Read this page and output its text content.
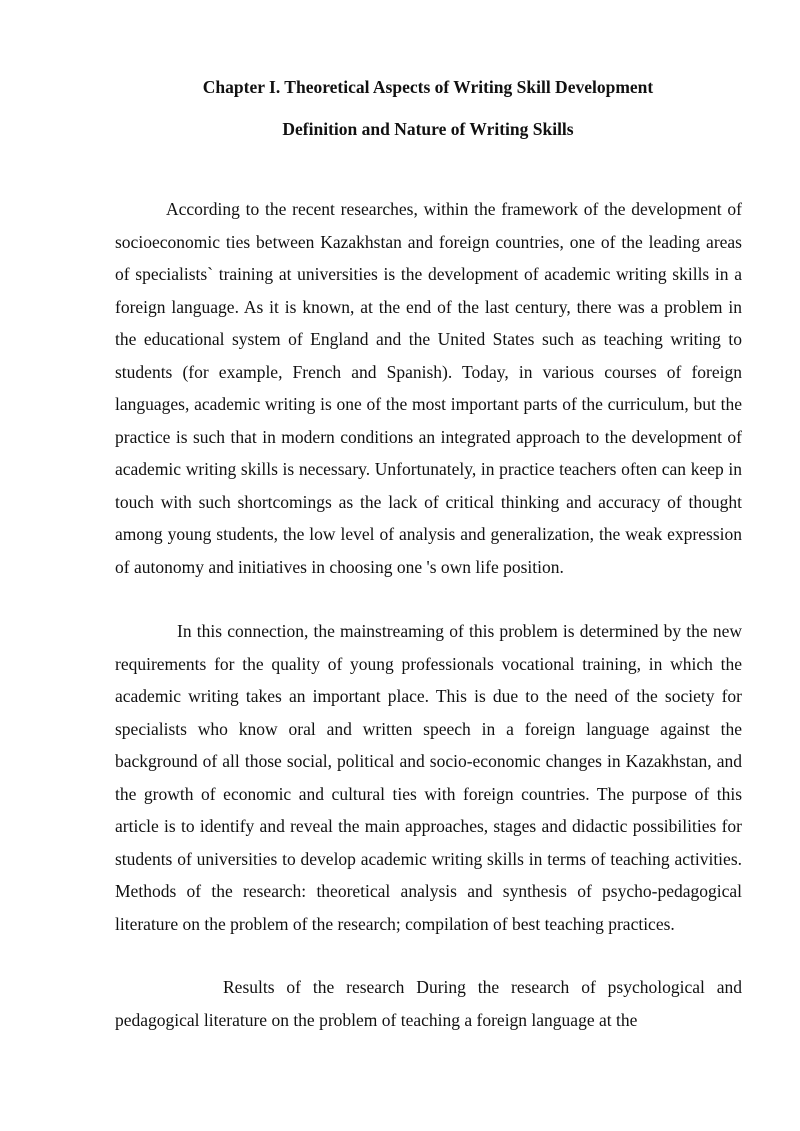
Chapter I. Theoretical Aspects of Writing Skill Development
Definition and Nature of Writing Skills

According to the recent researches, within the framework of the development of socioeconomic ties between Kazakhstan and foreign countries, one of the leading areas of specialists` training at universities is the development of academic writing skills in a foreign language. As it is known, at the end of the last century, there was a problem in the educational system of England and the United States such as teaching writing to students (for example, French and Spanish). Today, in various courses of foreign languages, academic writing is one of the most important parts of the curriculum, but the practice is such that in modern conditions an integrated approach to the development of academic writing skills is necessary. Unfortunately, in practice teachers often can keep in touch with such shortcomings as the lack of critical thinking and accuracy of thought among young students, the low level of analysis and generalization, the weak expression of autonomy and initiatives in choosing one 's own life position.

In this connection, the mainstreaming of this problem is determined by the new requirements for the quality of young professionals vocational training, in which the academic writing takes an important place. This is due to the need of the society for specialists who know oral and written speech in a foreign language against the background of all those social, political and socio-economic changes in Kazakhstan, and the growth of economic and cultural ties with foreign countries. The purpose of this article is to identify and reveal the main approaches, stages and didactic possibilities for students of universities to develop academic writing skills in terms of teaching activities. Methods of the research: theoretical analysis and synthesis of psycho-pedagogical literature on the problem of the research; compilation of best teaching practices.

Results of the research During the research of psychological and pedagogical literature on the problem of teaching a foreign language at the
